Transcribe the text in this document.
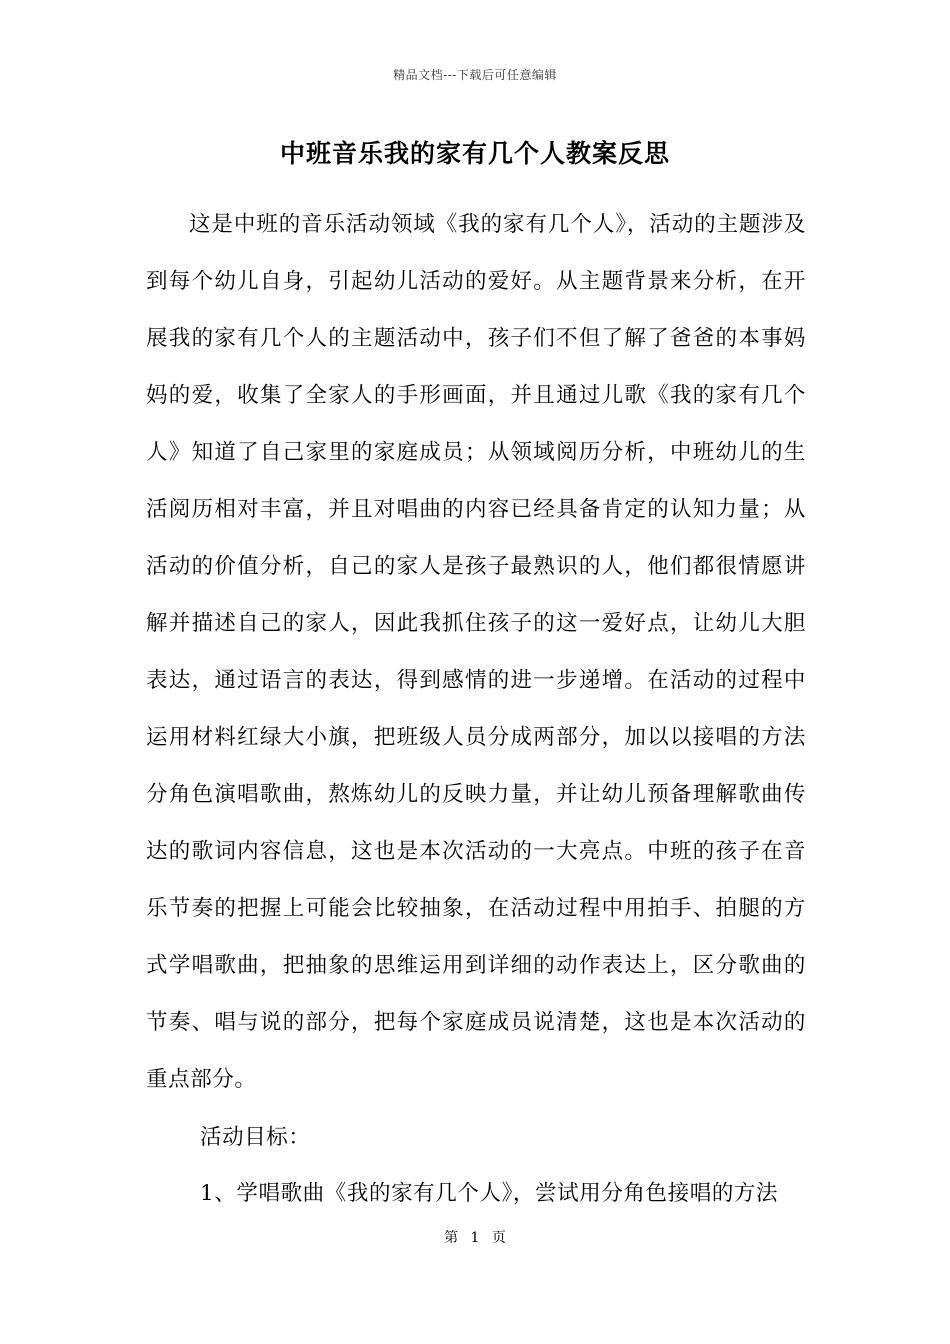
精品文档---下载后可任意编辑
中班音乐我的家有几个人教案反思

这是中班的音乐活动领域《我的家有几个人》，活动的主题涉及到每个幼儿自身，引起幼儿活动的爱好。从主题背景来分析，在开展我的家有几个人的主题活动中，孩子们不但了解了爸爸的本事妈妈的爱，收集了全家人的手形画面，并且通过儿歌《我的家有几个人》知道了自己家里的家庭成员；从领域阅历分析，中班幼儿的生活阅历相对丰富，并且对唱曲的内容已经具备肯定的认知力量；从活动的价值分析，自己的家人是孩子最熟识的人，他们都很情愿讲解并描述自己的家人，因此我抓住孩子的这一爱好点，让幼儿大胆表达，通过语言的表达，得到感情的进一步递增。在活动的过程中运用材料红绿大小旗，把班级人员分成两部分，加以以接唱的方法分角色演唱歌曲，熬炼幼儿的反映力量，并让幼儿预备理解歌曲传达的歌词内容信息，这也是本次活动的一大亮点。中班的孩子在音乐节奏的把握上可能会比较抽象，在活动过程中用拍手、拍腿的方式学唱歌曲，把抽象的思维运用到详细的动作表达上，区分歌曲的节奏、唱与说的部分，把每个家庭成员说清楚，这也是本次活动的重点部分。

活动目标：
1、学唱歌曲《我的家有几个人》，尝试用分角色接唱的方法
第 1 页
